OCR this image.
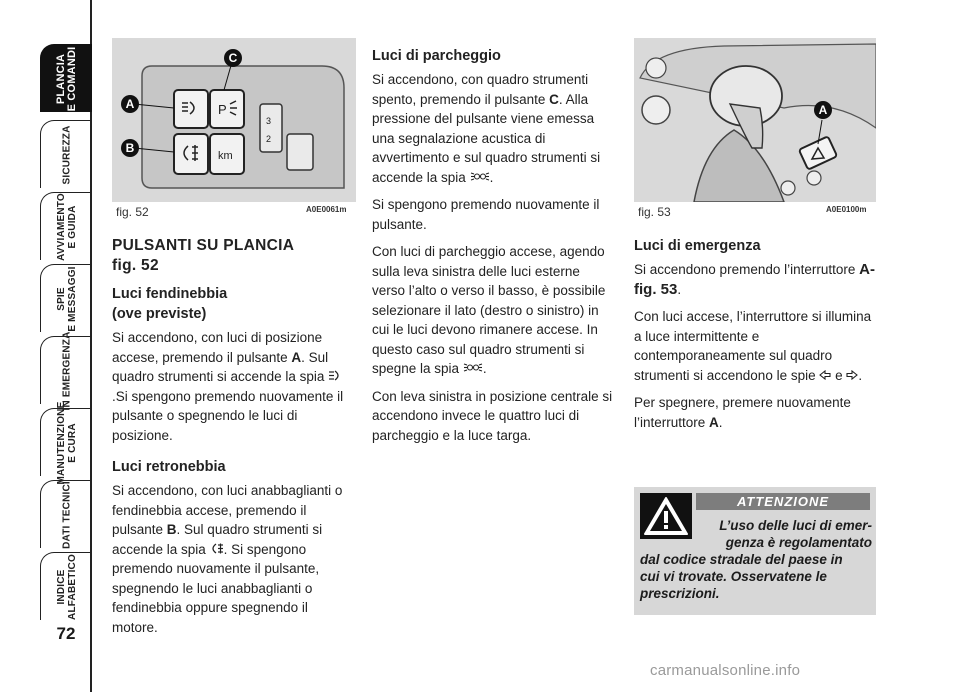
PLANCIA
E COMANDI
SICUREZZA
AVVIAMENTO
E GUIDA
SPIE
E MESSAGGI
IN EMERGENZA
MANUTENZIONE
E CURA
DATI TECNICI
INDICE
ALFABETICO
72
P
km
3
2
A
B
C
fig. 52	A0E0061m
A
fig. 53	A0E0100m
PULSANTI SU PLANCIA
fig. 52
Luci fendinebbia
(ove previste)

Si accendono, con luci di posizione accese, premendo il pulsante A. Sul quadro strumenti si accende la spia .Si spengono premendo nuovamente il pulsante o spegnendo le luci di posizione.

Luci retronebbia

Si accendono, con luci anabbaglianti o fendinebbia accese, premendo il pulsante B. Sul quadro strumenti si accende la spia . Si spengono premendo nuovamente il pulsante, spegnendo le luci anabbaglianti o fendinebbia oppure spegnendo il motore.

Luci di parcheggio

Si accendono, con quadro strumenti spento, premendo il pulsante C. Alla pressione del pulsante viene emessa una segnalazione acustica di avvertimento e sul quadro strumenti si accende la spia .

Si spengono premendo nuovamente il pulsante.

Con luci di parcheggio accese, agendo sulla leva sinistra delle luci esterne verso l’alto o verso il basso, è possibile selezionare il lato (destro o sinistro) in cui le luci devono rimanere accese. In questo caso sul quadro strumenti si spegne la spia .

Con leva sinistra in posizione centrale si accendono invece le quattro luci di parcheggio e la luce targa.

Luci di emergenza

Si accendono premendo l’interruttore A-fig. 53.

Con luci accese, l’interruttore si illumina a luce intermittente e contemporaneamente sul quadro strumenti si accendono le spie  e .

Per spegnere, premere nuovamente l’interruttore A.

ATTENZIONE
L’uso delle luci di emer-
genza è regolamentato
dal codice stradale del paese in
cui vi trovate. Osservatene le
prescrizioni.
carmanualsonline.info
